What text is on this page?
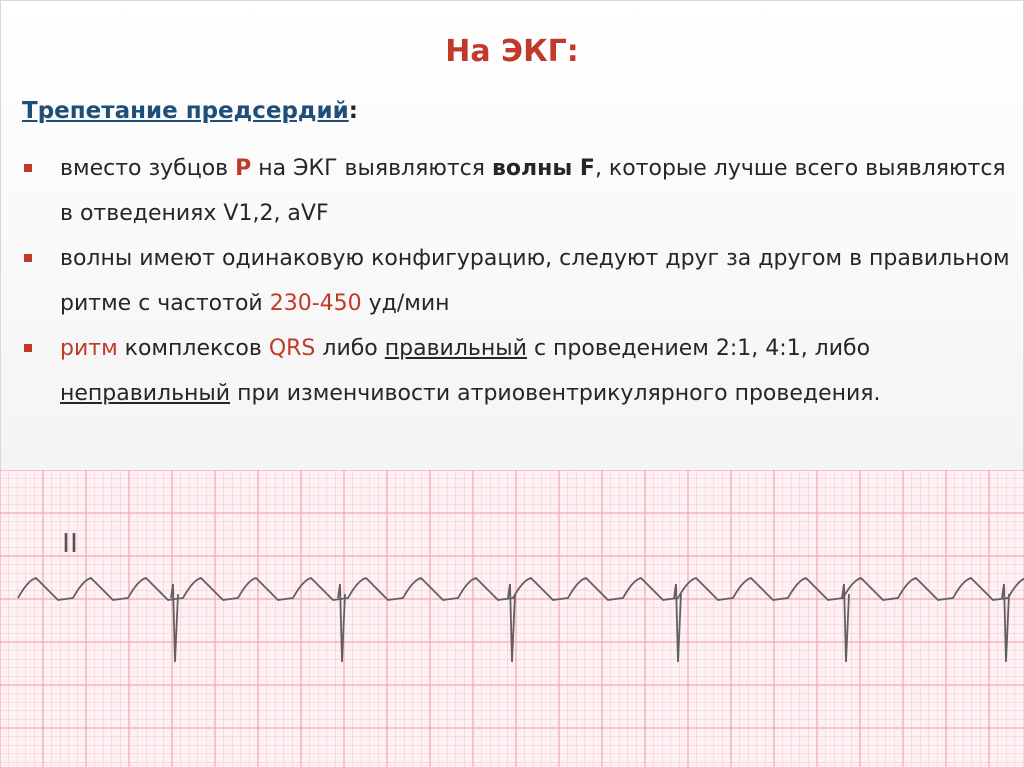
На ЭКГ:
Трепетание предсердий:
вместо зубцов P на ЭКГ выявляются волны F, которые лучше всего выявляются в отведениях V1,2, aVF
волны имеют одинаковую конфигурацию, следуют друг за другом в правильном ритме с частотой 230-450 уд/мин
ритм комплексов QRS либо правильный с проведением 2:1, 4:1, либо неправильный при изменчивости атриовентрикулярного проведения.
II
